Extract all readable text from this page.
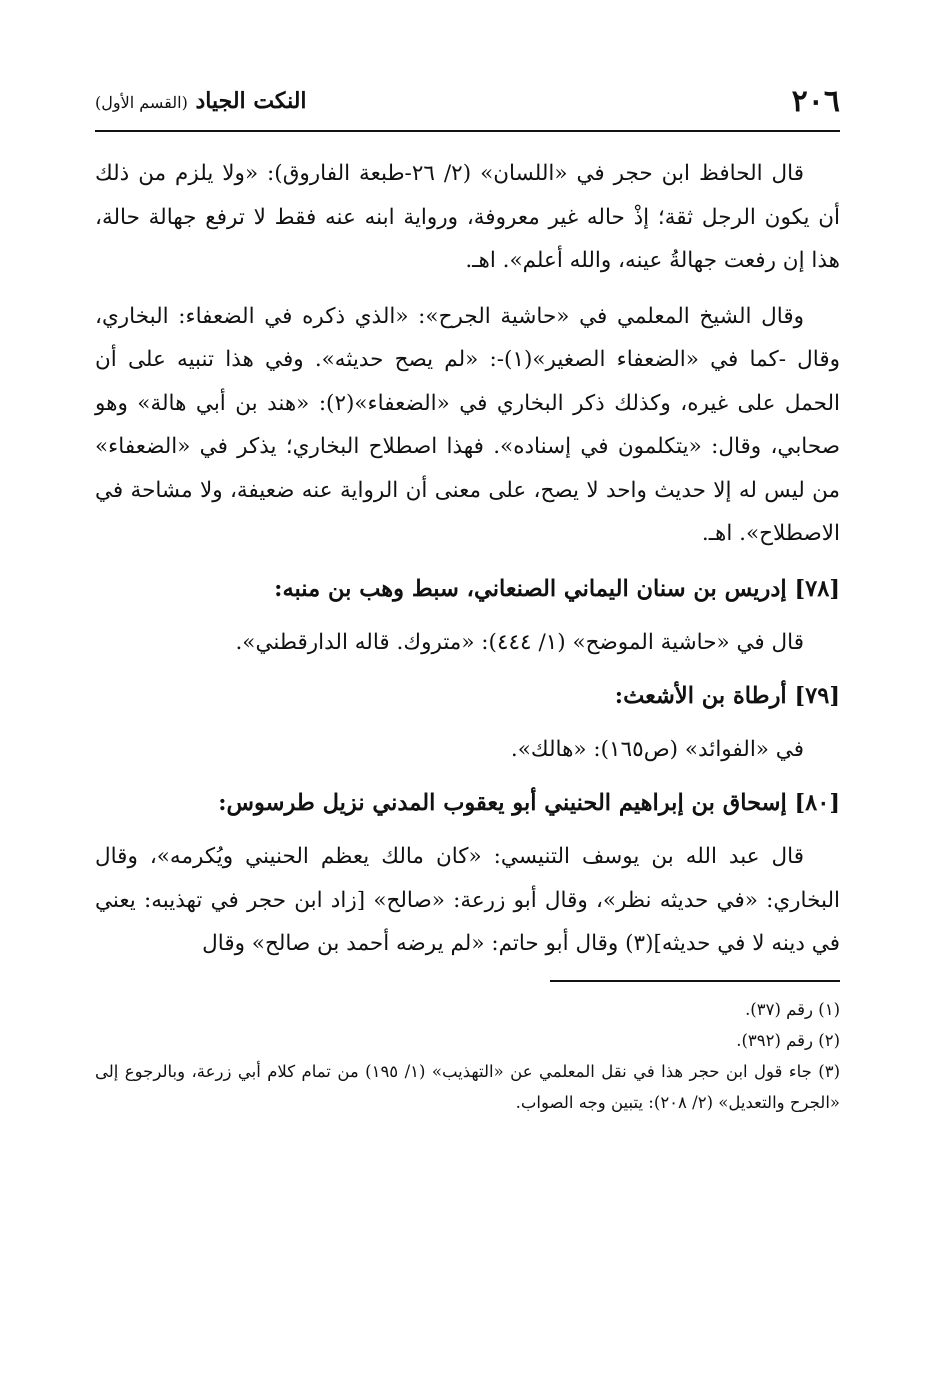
٢٠٦
النكت الجياد (القسم الأول)

قال الحافظ ابن حجر في «اللسان» (٢/ ٢٦-طبعة الفاروق): «ولا يلزم من ذلك أن يكون الرجل ثقة؛ إذْ حاله غير معروفة، ورواية ابنه عنه فقط لا ترفع جهالة حالة، هذا إن رفعت جهالةُ عينه، والله أعلم». اهـ.

وقال الشيخ المعلمي في «حاشية الجرح»: «الذي ذكره في الضعفاء: البخاري، وقال -كما في «الضعفاء الصغير»(١)-: «لم يصح حديثه». وفي هذا تنبيه على أن الحمل على غيره، وكذلك ذكر البخاري في «الضعفاء»(٢): «هند بن أبي هالة» وهو صحابي، وقال: «يتكلمون في إسناده». فهذا اصطلاح البخاري؛ يذكر في «الضعفاء» من ليس له إلا حديث واحد لا يصح، على معنى أن الرواية عنه ضعيفة، ولا مشاحة في الاصطلاح». اهـ.

[٧٨] إدريس بن سنان اليماني الصنعاني، سبط وهب بن منبه:

قال في «حاشية الموضح» (١/ ٤٤٤): «متروك. قاله الدارقطني».

[٧٩] أرطاة بن الأشعث:

في «الفوائد» (ص١٦٥): «هالك».

[٨٠] إسحاق بن إبراهيم الحنيني أبو يعقوب المدني نزيل طرسوس:

قال عبد الله بن يوسف التنيسي: «كان مالك يعظم الحنيني ويُكرمه»، وقال البخاري: «في حديثه نظر»، وقال أبو زرعة: «صالح» [زاد ابن حجر في تهذيبه: يعني في دينه لا في حديثه](٣) وقال أبو حاتم: «لم يرضه أحمد بن صالح» وقال

(١) رقم (٣٧).

(٢) رقم (٣٩٢).

(٣) جاء قول ابن حجر هذا في نقل المعلمي عن «التهذيب» (١/ ١٩٥) من تمام كلام أبي زرعة، وبالرجوع إلى «الجرح والتعديل» (٢/ ٢٠٨): يتبين وجه الصواب.
